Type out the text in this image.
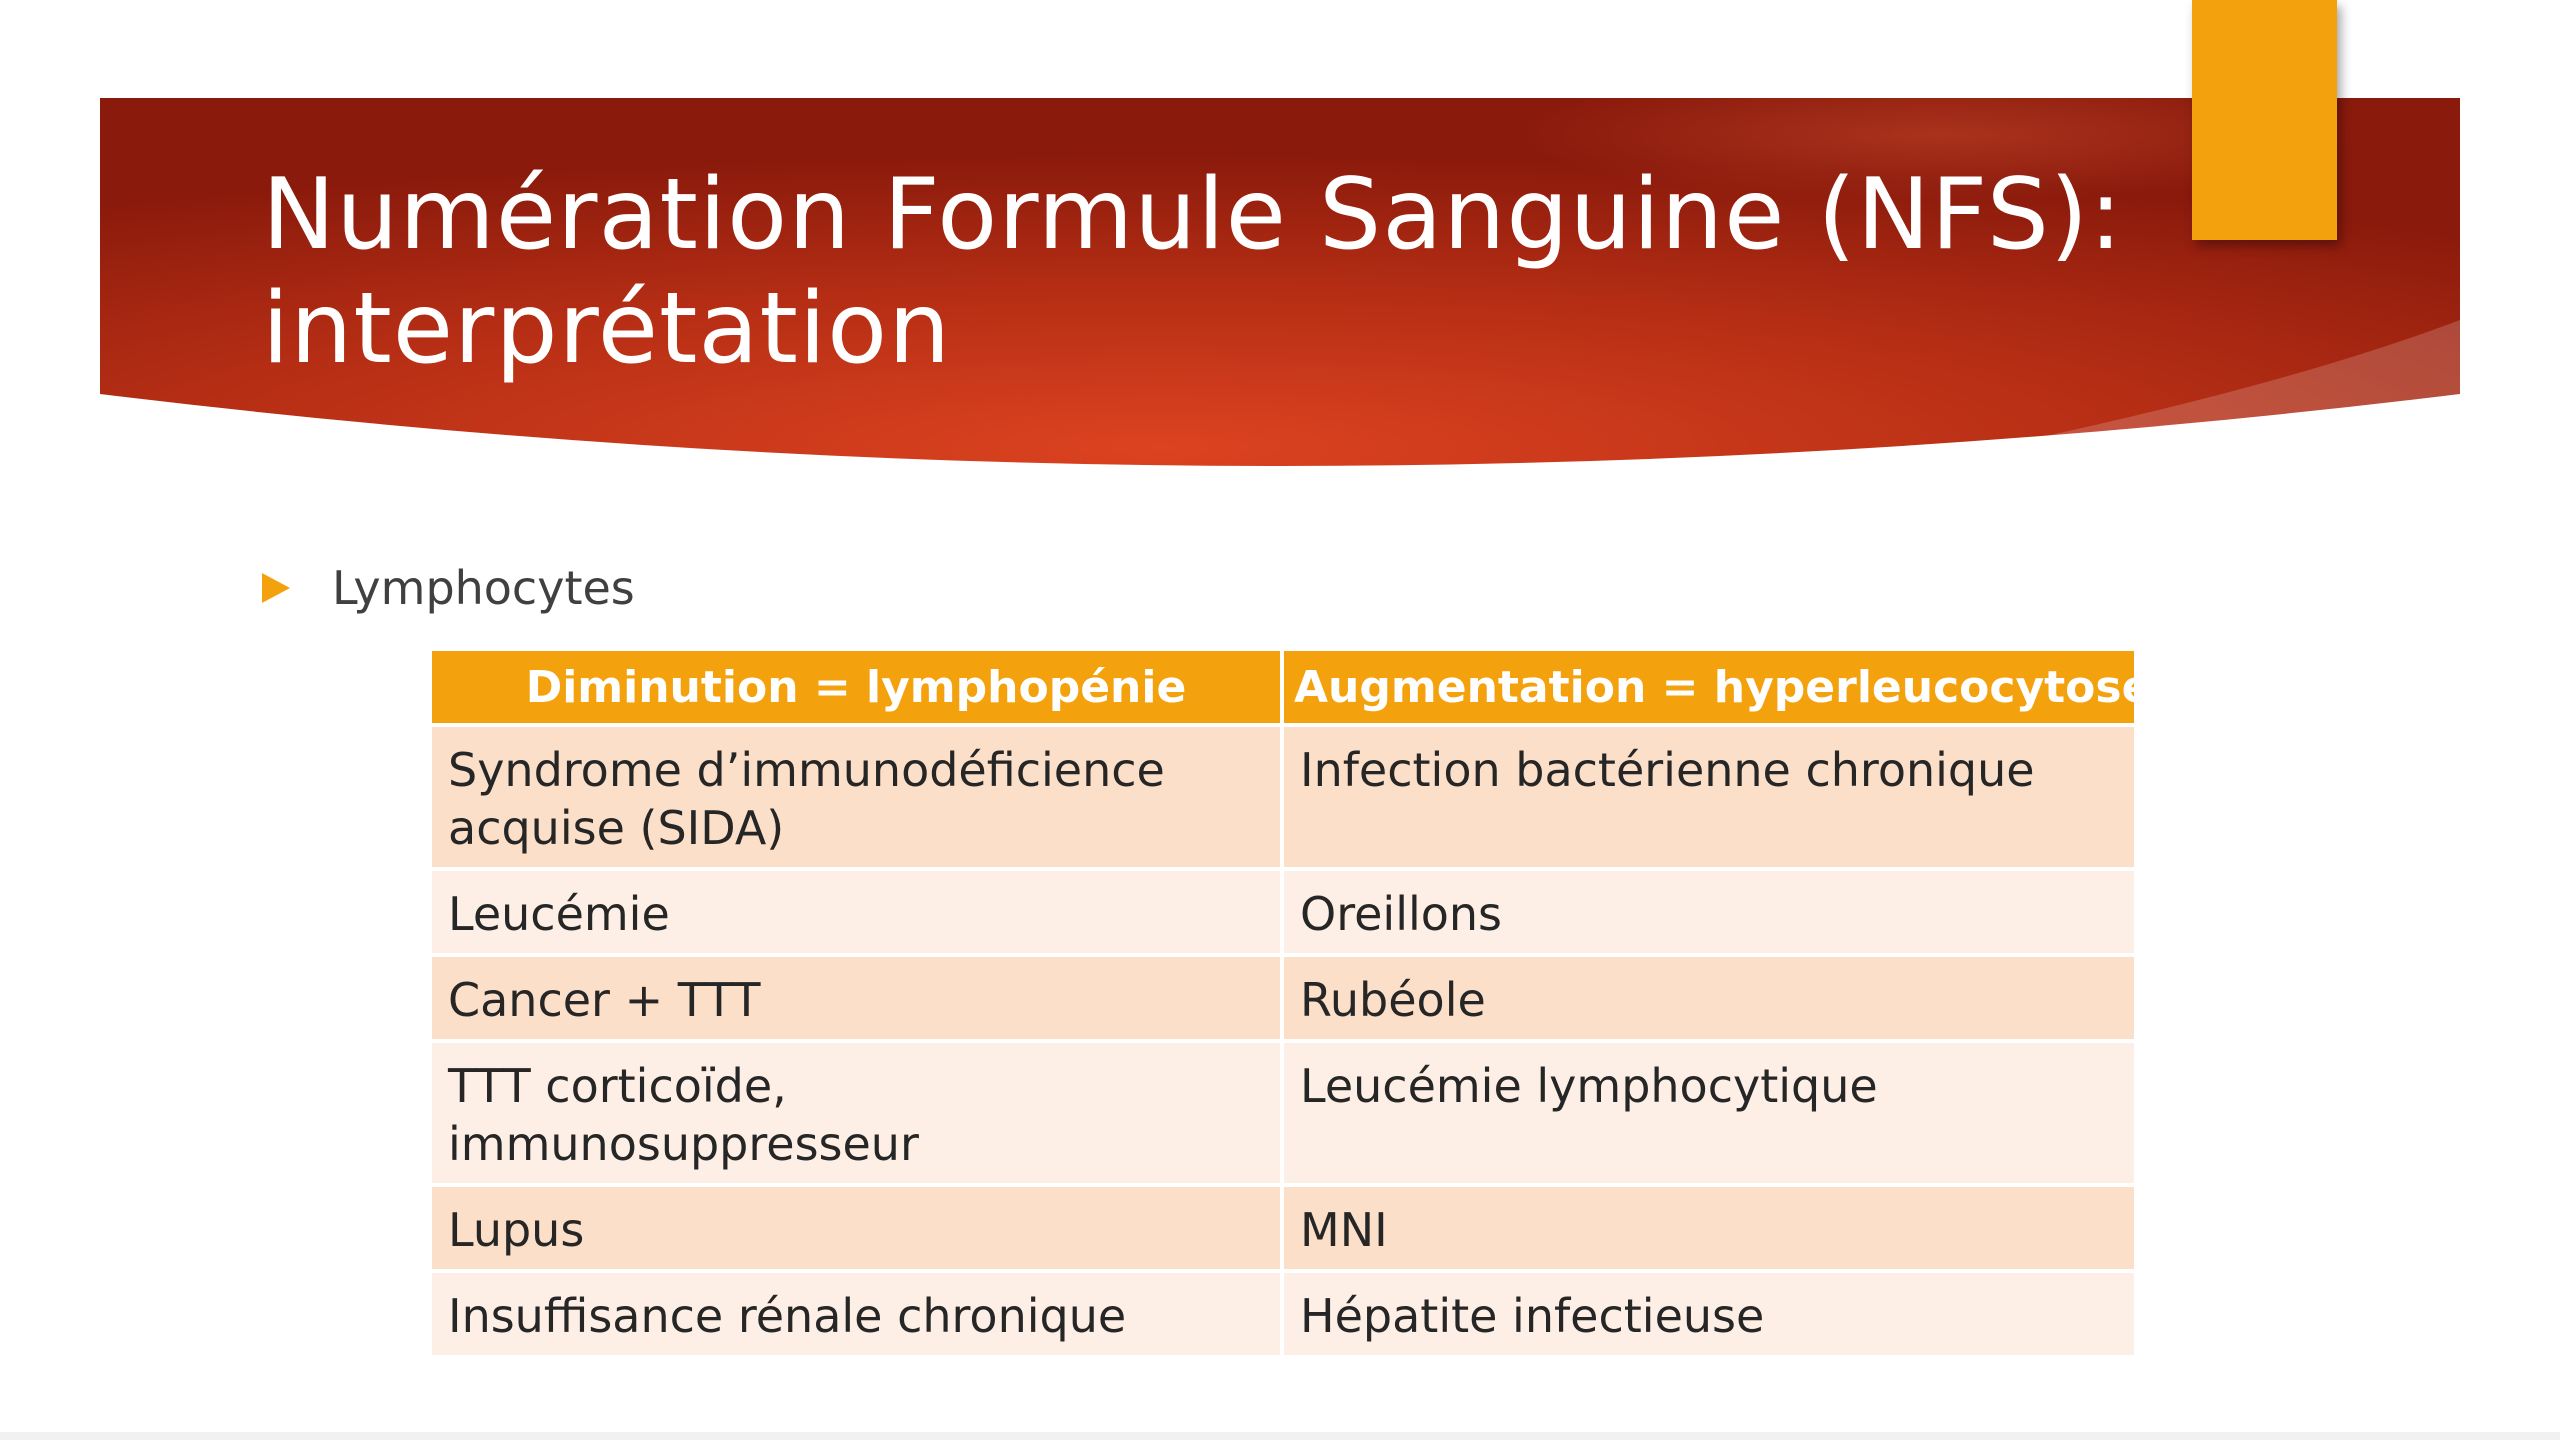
Numération Formule Sanguine (NFS):
interprétation
Lymphocytes
Diminution = lymphopénie	Augmentation = hyperleucocytose
Syndrome d’immunodéficience acquise (SIDA)	Infection bactérienne chronique
Leucémie	Oreillons
Cancer + TTT	Rubéole
TTT corticoïde, immunosuppresseur	Leucémie lymphocytique
Lupus	MNI
Insuffisance rénale chronique	Hépatite infectieuse
